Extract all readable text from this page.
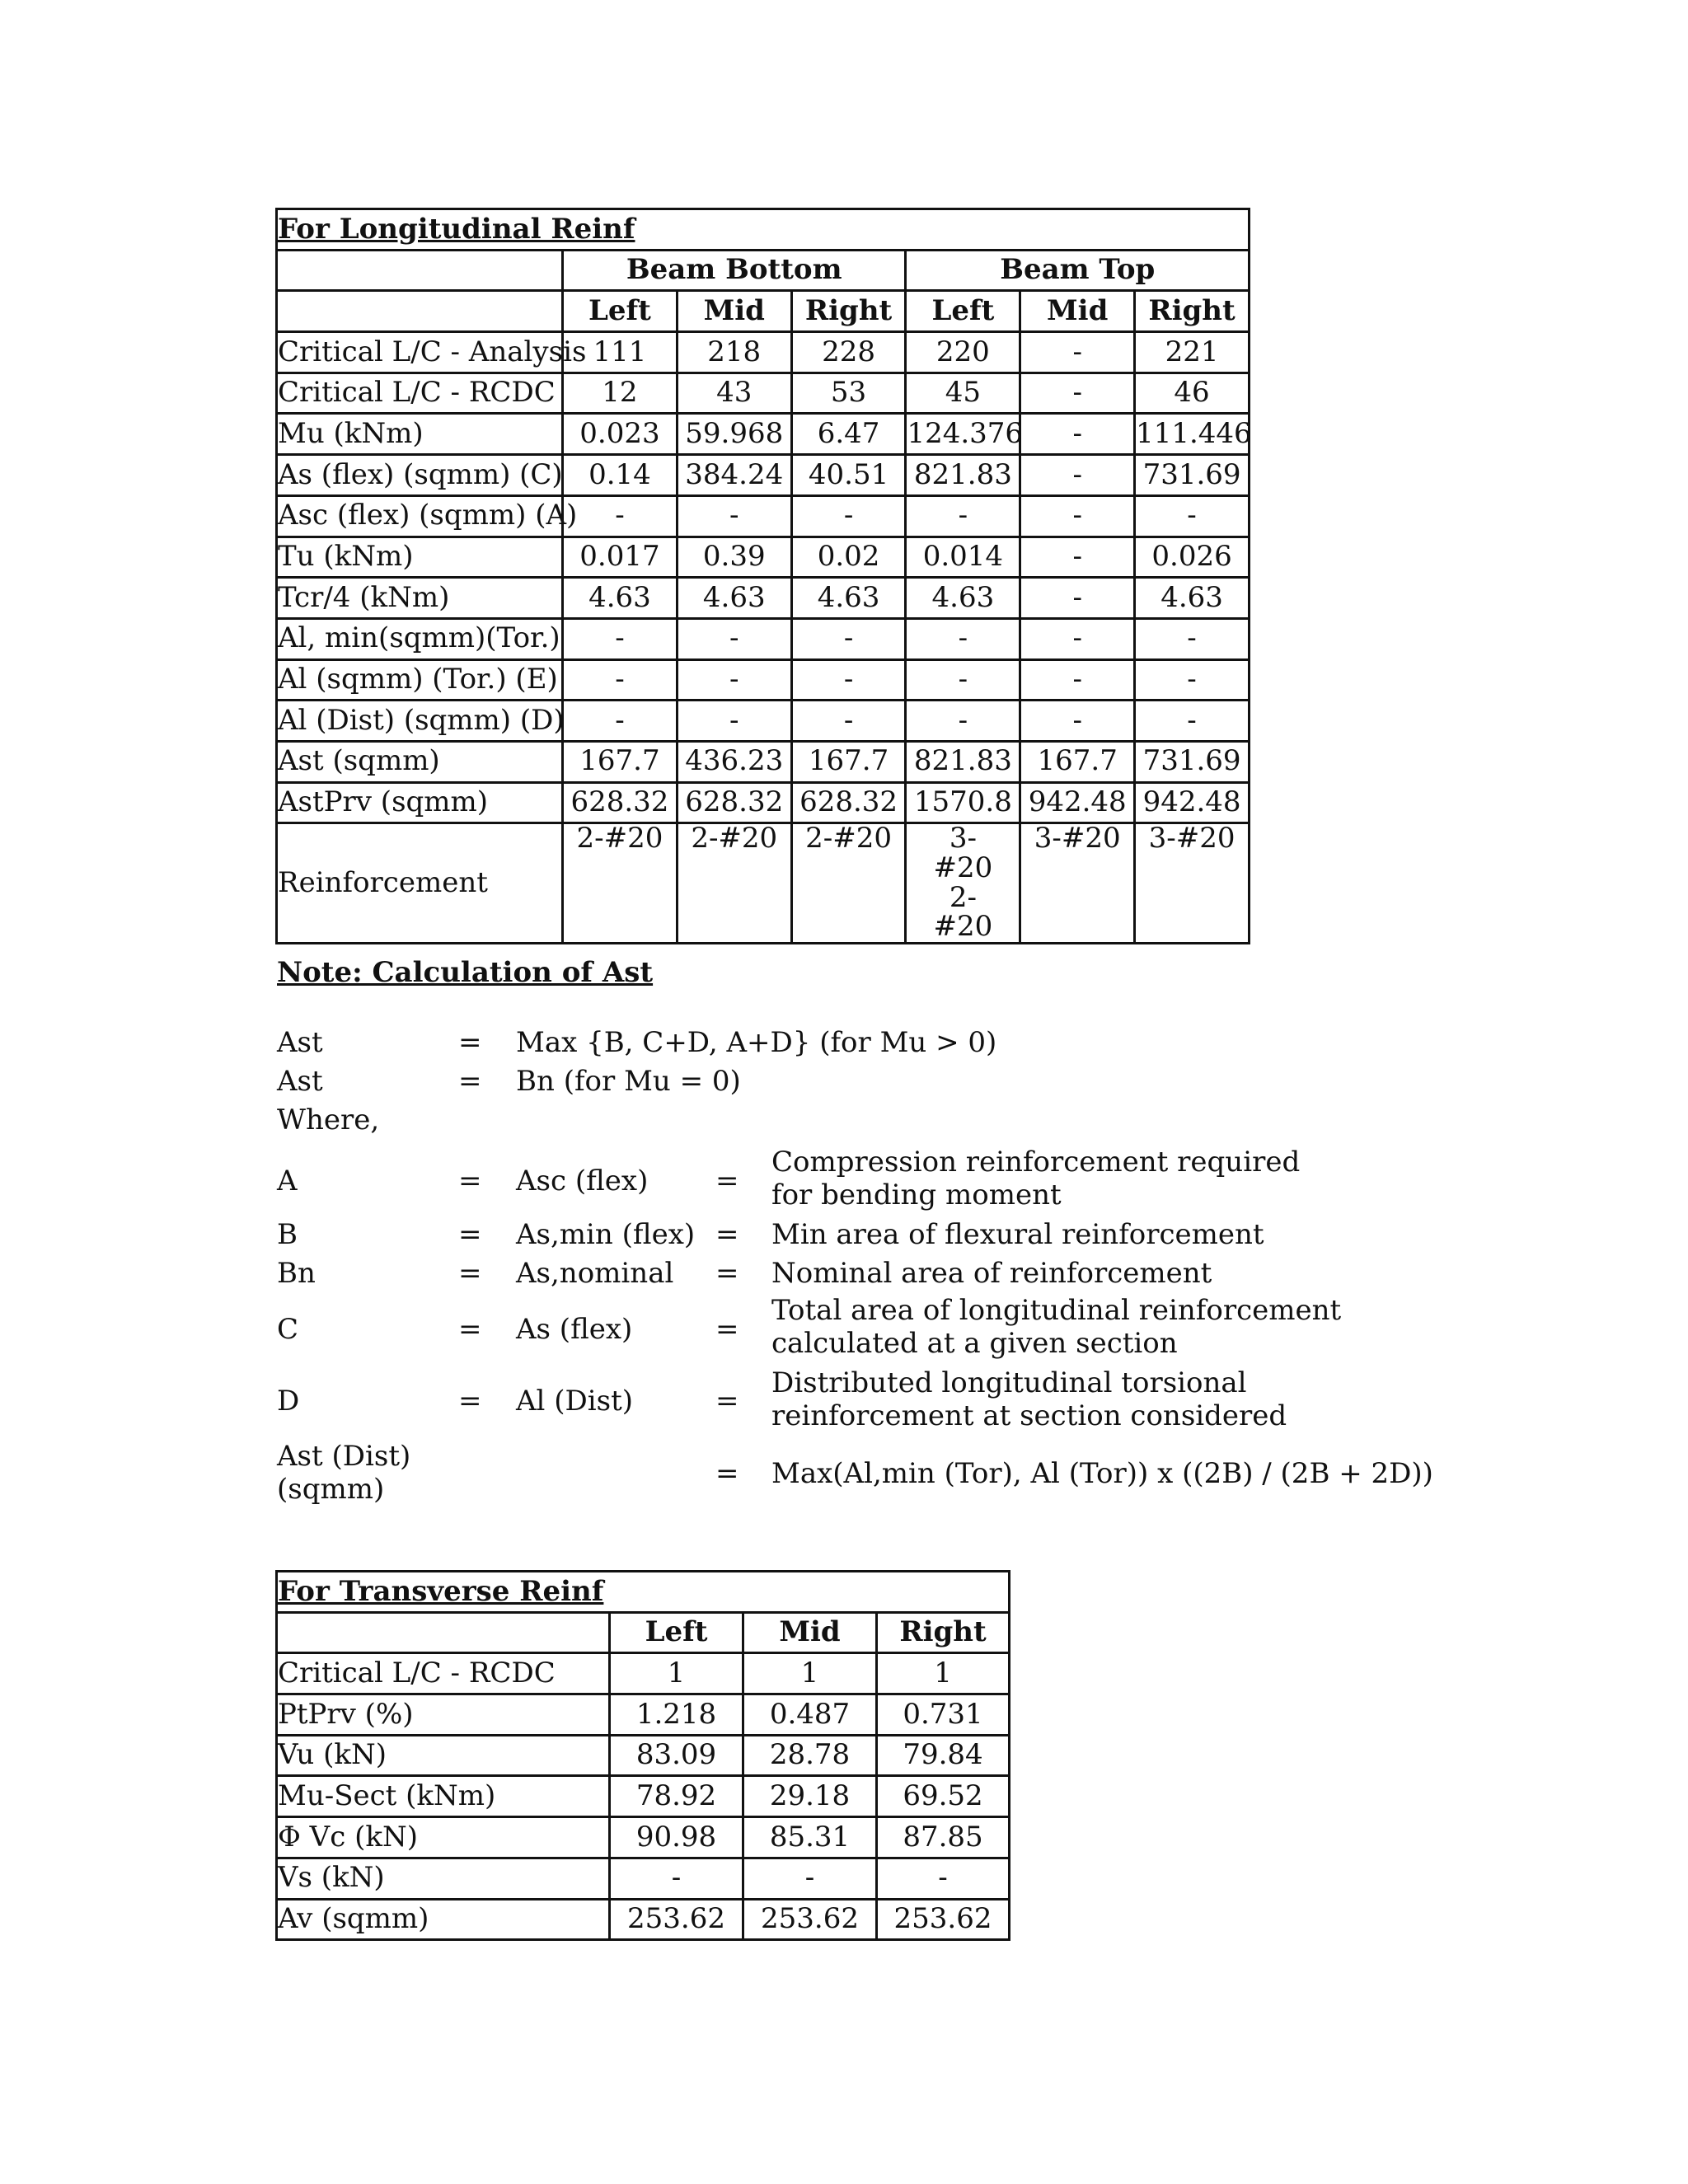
For Longitudinal Reinf						
	Beam Bottom			Beam Top		
	Left	Mid	Right	Left	Mid	Right
Critical L/C - Analysis	111	218	228	220	-	221
Critical L/C - RCDC	12	43	53	45	-	46
Mu (kNm)	0.023	59.968	6.47	124.376	-	111.446
As (flex) (sqmm) (C)	0.14	384.24	40.51	821.83	-	731.69
Asc (flex) (sqmm) (A)	-	-	-	-	-	-
Tu (kNm)	0.017	0.39	0.02	0.014	-	0.026
Tcr/4 (kNm)	4.63	4.63	4.63	4.63	-	4.63
Al, min(sqmm)(Tor.)	-	-	-	-	-	-
Al (sqmm) (Tor.) (E)	-	-	-	-	-	-
Al (Dist) (sqmm) (D)	-	-	-	-	-	-
Ast (sqmm)	167.7	436.23	167.7	821.83	167.7	731.69
AstPrv (sqmm)	628.32	628.32	628.32	1570.8	942.48	942.48
Reinforcement	2-#20	2-#20	2-#20	3-#20 2-#20	3-#20	3-#20
Note: Calculation of Ast
Ast	= Max {B, C+D, A+D} (for Mu > 0)
Ast	= Bn (for Mu = 0)
Where,
A	= Asc (flex) =
Compression reinforcement required for bending moment
B	= As,min (flex) = Min area of flexural reinforcement
Bn	= As,nominal = Nominal area of reinforcement
C	= As (flex)	=
Total area of longitudinal reinforcement calculated at a given section
D	= Al (Dist)	=
Distributed longitudinal torsional reinforcement at section considered
Ast (Dist) (sqmm)	= Max(Al,min (Tor), Al (Tor)) x ((2B) / (2B + 2D))
For Transverse Reinf			
	Left	Mid	Right
Critical L/C - RCDC	1	1	1
PtPrv (%)	1.218	0.487	0.731
Vu (kN)	83.09	28.78	79.84
Mu-Sect (kNm)	78.92	29.18	69.52
Φ Vc (kN)	90.98	85.31	87.85
Vs (kN)	-	-	-
Av (sqmm)	253.62	253.62	253.62
